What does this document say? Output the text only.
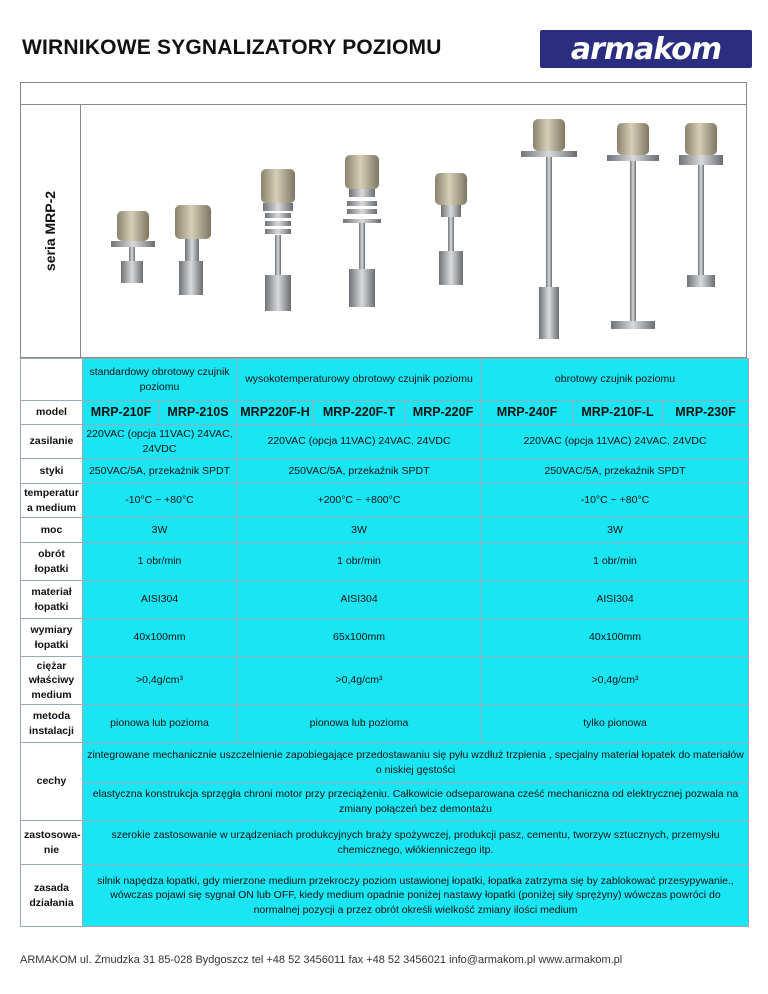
WIRNIKOWE SYGNALIZATORY POZIOMU	armakom
seria MRP-2
	standardowy obrotowy czujnik poziomu		wysokotemperaturowy obrotowy czujnik poziomu			obrotowy czujnik poziomu		
model	MRP-210F	MRP-210S	MRP220F-H	MRP-220F-T	MRP-220F	MRP-240F	MRP-210F-L	MRP-230F
zasilanie	220VAC (opcja 11VAC) 24VAC, 24VDC		220VAC (opcja 11VAC) 24VAC, 24VDC			220VAC (opcja 11VAC) 24VAC, 24VDC		
styki	250VAC/5A, przekaźnik SPDT		250VAC/5A, przekaźnik SPDT			250VAC/5A, przekaźnik SPDT		
temperatur a medium	-10°C ~ +80°C		+200°C ~ +800°C			-10°C ~ +80°C		
moc	3W		3W			3W		
obrót łopatki	1 obr/min		1 obr/min			1 obr/min		
materiał łopatki	AISI304		AISI304			AISI304		
wymiary łopatki	40x100mm		65x100mm			40x100mm		
ciężar właściwy medium	>0,4g/cm³		>0,4g/cm³			>0,4g/cm³		
metoda instalacji	pionowa lub pozioma		pionowa lub pozioma			tylko pionowa		
cechy	zintegrowane mechanicznie uszczelnienie zapobiegające przedostawaniu się pyłu wzdłuż trzpienia , specjalny materiał łopatek do materiałów o niskiej gęstości							
	elastyczna konstrukcja sprzęgła chroni motor przy przeciążeniu. Całkowicie odseparowana cześć mechaniczna od elektrycznej pozwala na zmiany połączeń bez demontażu							
zastosowa-nie	szerokie zastosowanie w urządzeniach produkcyjnych braży spożywczej, produkcji pasz, cementu, tworzyw sztucznych, przemysłu chemicznego, włókienniczego itp.							
zasada działania	silnik napędza łopatki, gdy mierzone medium przekroczy poziom ustawionej łopatki, łopatka zatrzyma się by zablokować przesypywanie., wówczas pojawi się sygnał ON lub OFF, kiedy medium opadnie poniżej nastawy łopatki (poniżej siły sprężyny) wówczas powróci do normalnej pozycji a przez obrót określi wielkość zmiany ilości medium							
ARMAKOM ul. Żmudzka 31 85-028 Bydgoszcz tel +48 52 3456011 fax +48 52 3456021 info@armakom.pl www.armakom.pl
